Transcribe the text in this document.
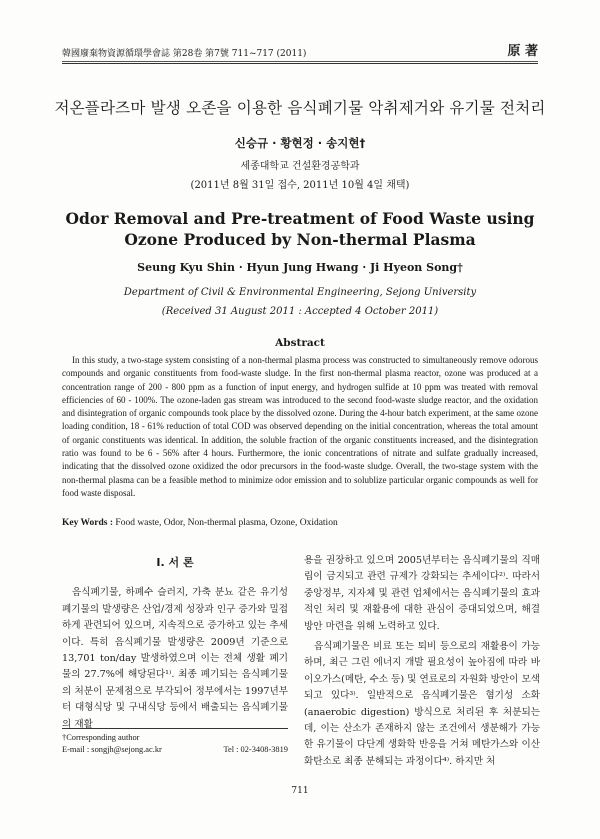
韓國廢棄物資源循環學會誌 第28卷 第7號 711~717 (2011)	原 著
저온플라즈마 발생 오존을 이용한 음식폐기물 악취제거와 유기물 전처리
신승규 · 황현정 · 송지현†
세종대학교 건설환경공학과
(2011년 8월 31일 접수, 2011년 10월 4일 채택)
Odor Removal and Pre-treatment of Food Waste using Ozone Produced by Non-thermal Plasma
Seung Kyu Shin · Hyun Jung Hwang · Ji Hyeon Song†
Department of Civil & Environmental Engineering, Sejong University
(Received 31 August 2011 : Accepted 4 October 2011)
Abstract
In this study, a two-stage system consisting of a non-thermal plasma process was constructed to simultaneously remove odorous compounds and organic constituents from food-waste sludge. In the first non-thermal plasma reactor, ozone was produced at a concentration range of 200 - 800 ppm as a function of input energy, and hydrogen sulfide at 10 ppm was treated with removal efficiencies of 60 - 100%. The ozone-laden gas stream was introduced to the second food-waste sludge reactor, and the oxidation and disintegration of organic compounds took place by the dissolved ozone. During the 4-hour batch experiment, at the same ozone loading condition, 18 - 61% reduction of total COD was observed depending on the initial concentration, whereas the total amount of organic constituents was identical. In addition, the soluble fraction of the organic constituents increased, and the disintegration ratio was found to be 6 - 56% after 4 hours. Furthermore, the ionic concentrations of nitrate and sulfate gradually increased, indicating that the dissolved ozone oxidized the odor precursors in the food-waste sludge. Overall, the two-stage system with the non-thermal plasma can be a feasible method to minimize odor emission and to solublize particular organic compounds as well for food waste disposal.
Key Words : Food waste, Odor, Non-thermal plasma, Ozone, Oxidation
I. 서 론

음식폐기물, 하폐수 슬러지, 가축 분뇨 같은 유기성 폐기물의 발생량은 산업/경제 성장과 인구 증가와 밀접하게 관련되어 있으며, 지속적으로 증가하고 있는 추세이다. 특히 음식폐기물 발생량은 2009년 기준으로 13,701 ton/day 발생하였으며 이는 전체 생활 폐기물의 27.7%에 해당된다¹⁾. 최종 폐기되는 음식폐기물의 처분이 문제점으로 부각되어 정부에서는 1997년부터 대형식당 및 구내식당 등에서 배출되는 음식폐기물의 재활

용을 권장하고 있으며 2005년부터는 음식폐기물의 직매립이 금지되고 관련 규제가 강화되는 추세이다²⁾. 따라서 중앙정부, 지자체 및 관련 업체에서는 음식폐기물의 효과적인 처리 및 재활용에 대한 관심이 증대되었으며, 해결 방안 마련을 위해 노력하고 있다.

음식폐기물은 비료 또는 퇴비 등으로의 재활용이 가능하며, 최근 그린 에너지 개발 필요성이 높아짐에 따라 바이오가스(메탄, 수소 등) 및 연료로의 자원화 방안이 모색되고 있다³⁾. 일반적으로 음식폐기물은 혐기성 소화(anaerobic digestion) 방식으로 처리된 후 처분되는데, 이는 산소가 존재하지 않는 조건에서 생분해가 가능한 유기물이 다단계 생화학 반응을 거쳐 메탄가스와 이산화탄소로 최종 분해되는 과정이다⁴⁾. 하지만 처

†Corresponding author
E-mail : songjh@sejong.ac.kr	Tel : 02-3408-3819
711
